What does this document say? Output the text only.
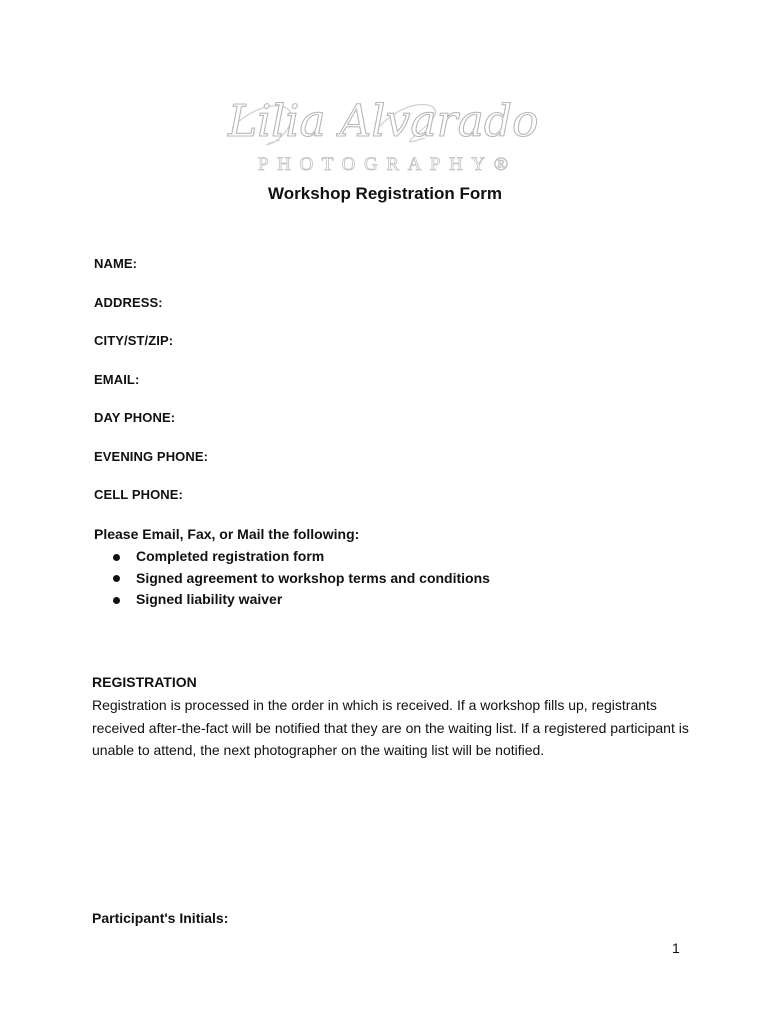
Lilia Alvarado
PHOTOGRAPHY®
Workshop Registration Form
NAME:
ADDRESS:
CITY/ST/ZIP:
EMAIL:
DAY PHONE:
EVENING PHONE:
CELL PHONE:
Please Email, Fax, or Mail the following:
Completed registration form
Signed agreement to workshop terms and conditions
Signed liability waiver
REGISTRATION
Registration is processed in the order in which is received. If a workshop fills up, registrants received after-the-fact will be notified that they are on the waiting list. If a registered participant is unable to attend, the next photographer on the waiting list will be notified.
Participant's Initials:
1
